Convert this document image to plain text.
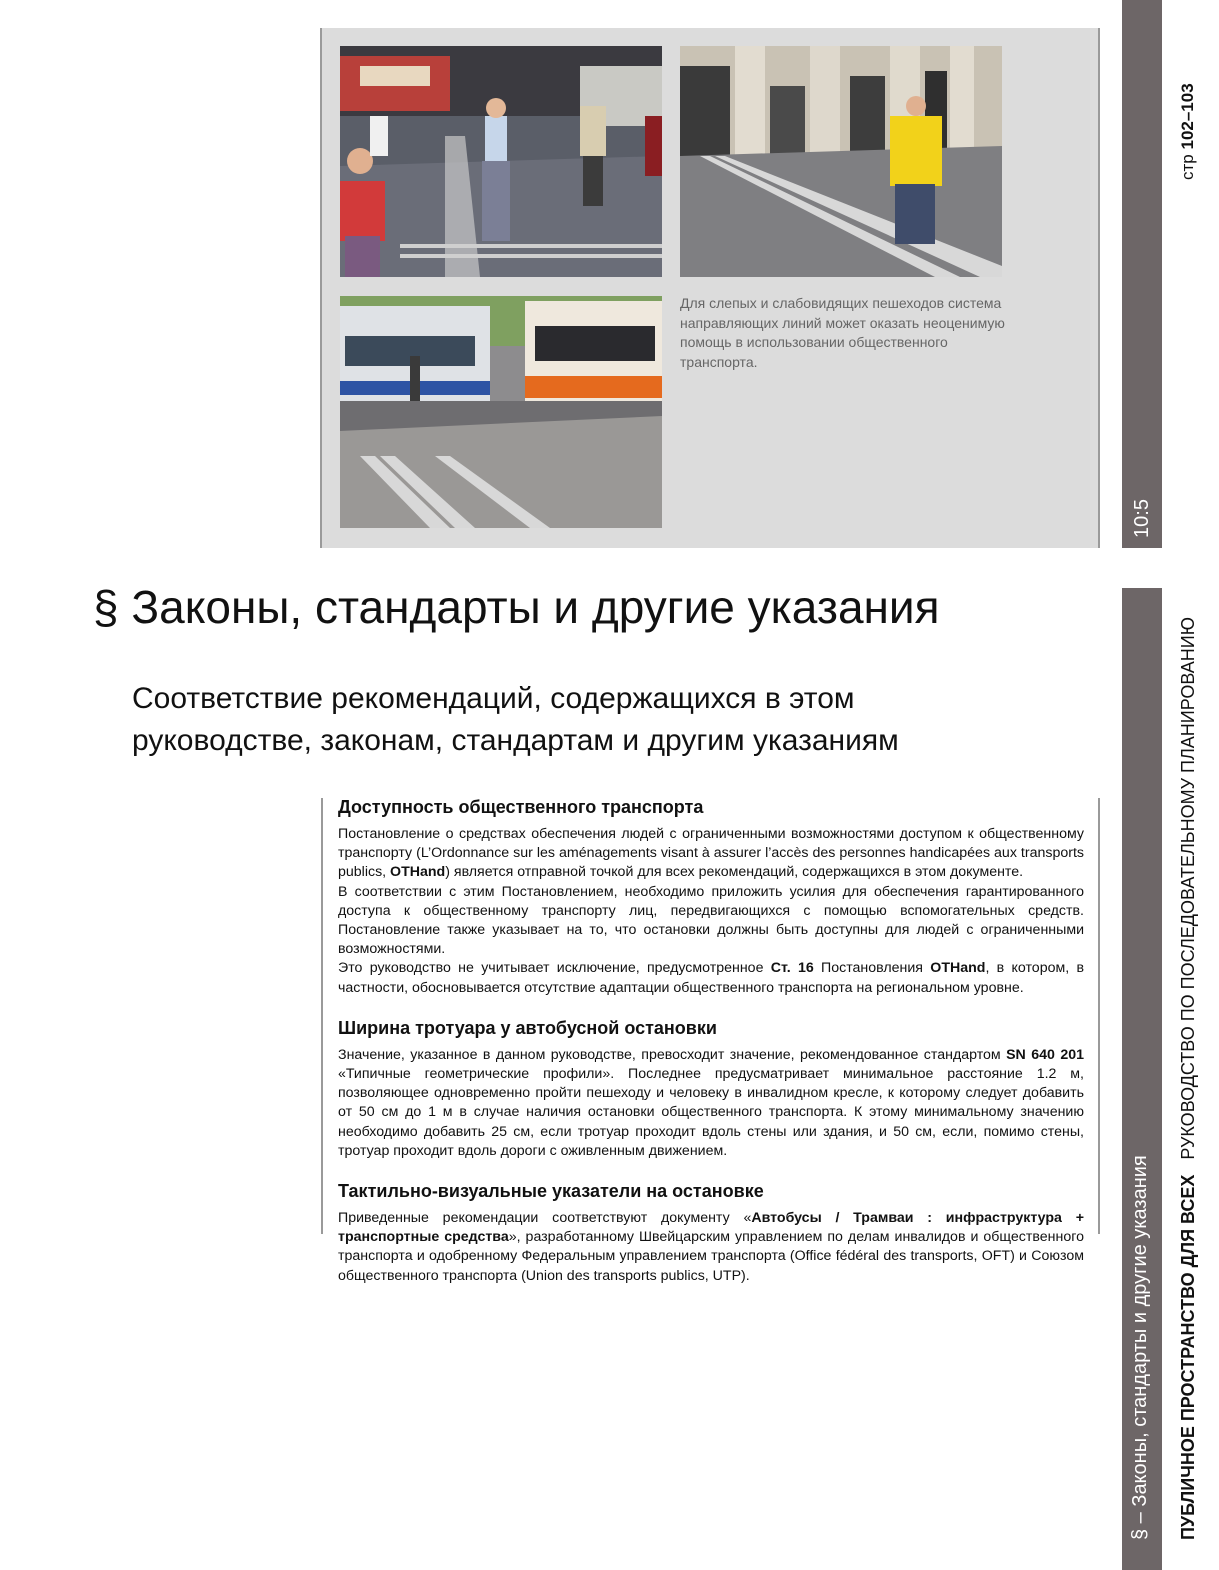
Для слепых и слабовидящих пешеходов система направляющих линий может оказать неоценимую помощь в использовании общественного транспорта.
10:5
§ – Законы, стандарты и другие указания
стр 102–103
ПУБЛИЧНОЕ ПРОСТРАНСТВО ДЛЯ ВСЕХ   РУКОВОДСТВО ПО ПОСЛЕДОВАТЕЛЬНОМУ ПЛАНИРОВАНИЮ
§ Законы, стандарты и другие указания
Соответствие рекомендаций, содержащихся в этом руководстве, законам, стандартам и другим указаниям
Доступность общественного транспорта

Постановление о средствах обеспечения людей с ограниченными возможностями доступом к общественному транспорту (L’Ordonnance sur les aménagements visant à assurer l’accès des personnes handicapées aux transports publics, OTHand) является отправной точкой для всех рекомендаций, содержащихся в этом документе.

В соответствии с этим Постановлением, необходимо приложить усилия для обеспечения гарантированного доступа к общественному транспорту лиц, передвигающихся с помощью вспомогательных средств. Постановление также указывает на то, что остановки должны быть доступны для людей с ограниченными возможностями.

Это руководство не учитывает исключение, предусмотренное Ст. 16 Постановления OTHand, в котором, в частности, обосновывается отсутствие адаптации общественного транспорта на региональном уровне.

Ширина тротуара у автобусной остановки

Значение, указанное в данном руководстве, превосходит значение, рекомендованное стандартом SN 640 201 «Типичные геометрические профили». Последнее предусматривает минимальное расстояние 1.2 м, позволяющее одновременно пройти пешеходу и человеку в инвалидном кресле, к которому следует добавить от 50 см до 1 м в случае наличия остановки общественного транспорта. К этому минимальному значению необходимо добавить 25 см, если тротуар проходит вдоль стены или здания, и 50 см, если, помимо стены, тротуар проходит вдоль дороги с оживленным движением.

Тактильно-визуальные указатели на остановке

Приведенные рекомендации соответствуют документу «Автобусы / Трамваи : инфраструктура + транспортные средства», разработанному Швейцарским управлением по делам инвалидов и общественного транспорта и одобренному Федеральным управлением транспорта (Office fédéral des transports, OFT) и Союзом общественного транспорта (Union des transports publics, UTP).
